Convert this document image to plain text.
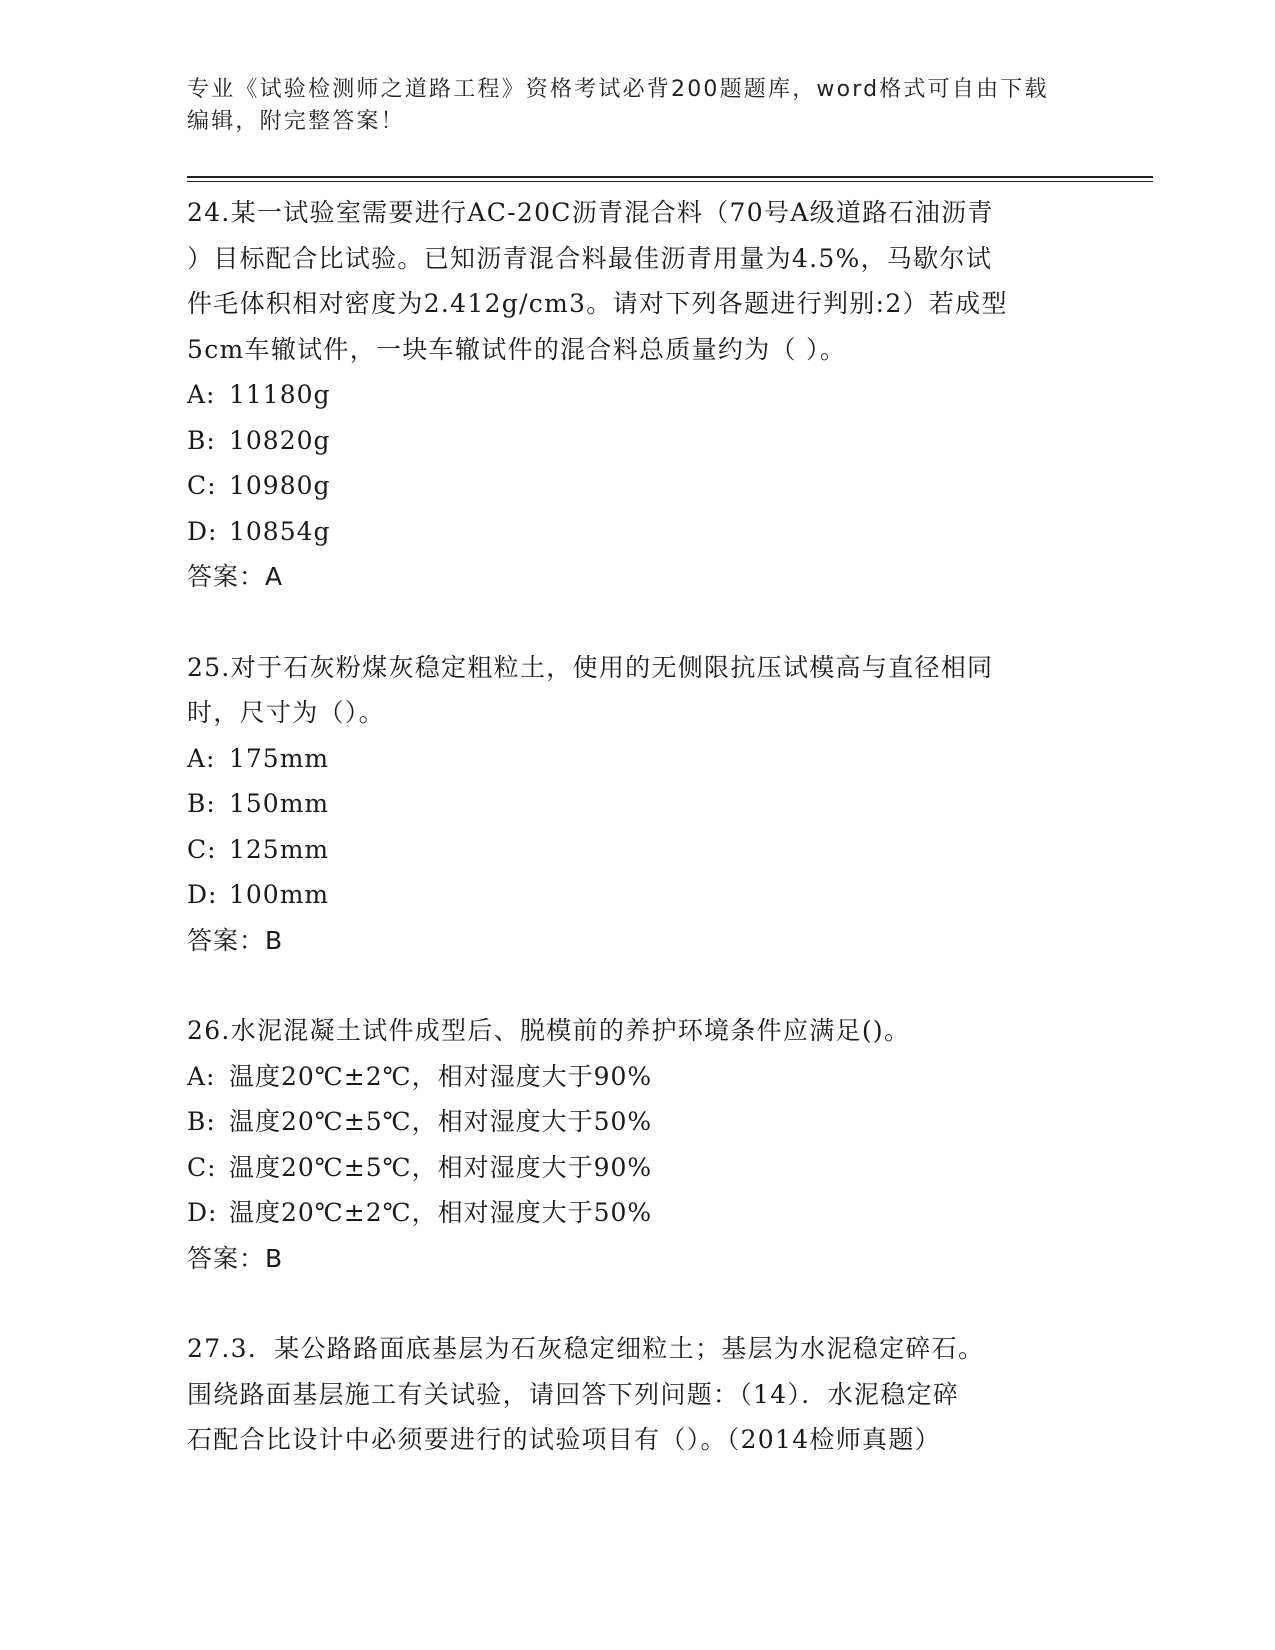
专业《试验检测师之道路工程》资格考试必背200题题库，word格式可自由下载
编辑，附完整答案！
24.某一试验室需要进行AC-20C沥青混合料（70号A级道路石油沥青
）目标配合比试验。已知沥青混合料最佳沥青用量为4.5%，马歇尔试
件毛体积相对密度为2.412g/cm3。请对下列各题进行判别:2）若成型
5cm车辙试件，一块车辙试件的混合料总质量约为（ ）。
A: 11180g
B: 10820g
C: 10980g
D: 10854g
答案：A
25.对于石灰粉煤灰稳定粗粒土，使用的无侧限抗压试模高与直径相同
时，尺寸为（）。
A: 175mm
B: 150mm
C: 125mm
D: 100mm
答案：B
26.水泥混凝土试件成型后、脱模前的养护环境条件应满足()。
A: 温度20℃±2℃，相对湿度大于90%
B: 温度20℃±5℃，相对湿度大于50%
C: 温度20℃±5℃，相对湿度大于90%
D: 温度20℃±2℃，相对湿度大于50%
答案：B
27.3．某公路路面底基层为石灰稳定细粒土；基层为水泥稳定碎石。
围绕路面基层施工有关试验，请回答下列问题：（14）．水泥稳定碎
石配合比设计中必须要进行的试验项目有（）。（2014检师真题）
